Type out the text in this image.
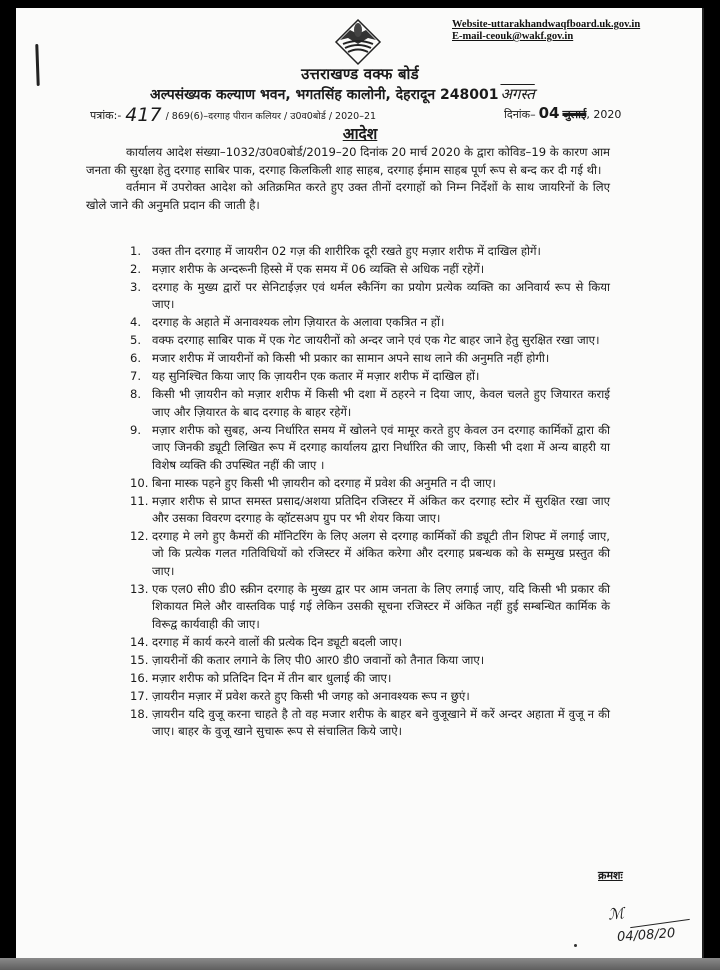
Website-uttarakhandwaqfboard.uk.gov.in
E-mail-ceouk@wakf.gov.in
उत्तराखण्ड वक्फ बोर्ड
अल्पसंख्यक कल्याण भवन, भगतसिंह कालोनी, देहरादून 248001 अगस्त
पत्रांक:- 417 / 869(6)–दरगाह पीरान कलियर / उ0व0बोर्ड / 2020–21	दिनांक– 04 जुलाई, 2020
आदेश

कार्यालय आदेश संख्या–1032/उ0व0बोर्ड/2019–20 दिनांक 20 मार्च 2020 के द्वारा कोविड–19 के कारण आम जनता की सुरक्षा हेतु दरगाह साबिर पाक, दरगाह किलकिली शाह साहब, दरगाह ईमाम साहब पूर्ण रूप से बन्द कर दी गई थी।

वर्तमान में उपरोक्त आदेश को अतिक्रमित करते हुए उक्त तीनों दरगाहों को निम्न निर्देशों के साथ जायरिनों के लिए खोले जाने की अनुमति प्रदान की जाती है।

1. उक्त तीन दरगाह में जायरीन 02 गज़ की शारीरिक दूरी रखते हुए मज़ार शरीफ में दाखिल होगें।
2. मज़ार शरीफ के अन्दरूनी हिस्से में एक समय में 06 व्यक्ति से अधिक नहीं रहेगें।
3. दरगाह के मुख्य द्वारों पर सेनिटाईज़र एवं थर्मल स्कैनिंग का प्रयोग प्रत्येक व्यक्ति का अनिवार्य रूप से किया जाए।
4. दरगाह के अहाते में अनावश्यक लोग ज़ियारत के अलावा एकत्रित न हों।
5. वक्फ दरगाह साबिर पाक में एक गेट जायरीनों को अन्दर जाने एवं एक गेट बाहर जाने हेतु सुरक्षित रखा जाए।
6. मजार शरीफ में जायरीनों को किसी भी प्रकार का सामान अपने साथ लाने की अनुमति नहीं होगी।
7. यह सुनिश्चित किया जाए कि ज़ायरीन एक कतार में मज़ार शरीफ में दाखिल हों।
8. किसी भी ज़ायरीन को मज़ार शरीफ में किसी भी दशा में ठहरने न दिया जाए, केवल चलते हुए जियारत कराई जाए और ज़ियारत के बाद दरगाह के बाहर रहेगें।
9. मज़ार शरीफ को सुबह, अन्य निर्धारित समय में खोलने एवं मामूर करते हुए केवल उन दरगाह कार्मिकों द्वारा की जाए जिनकी ड्यूटी लिखित रूप में दरगाह कार्यालय द्वारा निर्धारित की जाए, किसी भी दशा में अन्य बाहरी या विशेष व्यक्ति की उपस्थित नहीं की जाए ।
10. बिना मास्क पहने हुए किसी भी ज़ायरीन को दरगाह में प्रवेश की अनुमति न दी जाए।
11. मज़ार शरीफ से प्राप्त समस्त प्रसाद/अशया प्रतिदिन रजिस्टर में अंकित कर दरगाह स्टोर में सुरक्षित रखा जाए और उसका विवरण दरगाह के व्हॉटसअप ग्रुप पर भी शेयर किया जाए।
12. दरगाह मे लगे हुए कैमरों की मॉनिटरिंग के लिए अलग से दरगाह कार्मिकों की ड्यूटी तीन शिफ्ट में लगाई जाए, जो कि प्रत्येक गलत गतिविधियों को रजिस्टर में अंकित करेगा और दरगाह प्रबन्धक को के सम्मुख प्रस्तुत की जाए।
13. एक एल0 सी0 डी0 स्क्रीन दरगाह के मुख्य द्वार पर आम जनता के लिए लगाई जाए, यदि किसी भी प्रकार की शिकायत मिले और वास्तविक पाई गई लेकिन उसकी सूचना रजिस्टर में अंकित नहीं हुई सम्बन्धित कार्मिक के विरूद्व कार्यवाही की जाए।
14. दरगाह में कार्य करने वालों की प्रत्येक दिन ड्यूटी बदली जाए।
15. ज़ायरीनों की कतार लगाने के लिए पी0 आर0 डी0 जवानों को तैनात किया जाए।
16. मज़ार शरीफ को प्रतिदिन दिन में तीन बार धुलाई की जाए।
17. ज़ायरीन मज़ार में प्रवेश करते हुए किसी भी जगह को अनावश्यक रूप न छुएं।
18. ज़ायरीन यदि वुजू करना चाहते है तो वह मजार शरीफ के बाहर बने वुजूखाने में करें अन्दर अहाता में वुजू न की जाए। बाहर के वुजू खाने सुचारू रूप से संचालित किये जाऐ।
क्रमशः
ℳ
04/08/20
